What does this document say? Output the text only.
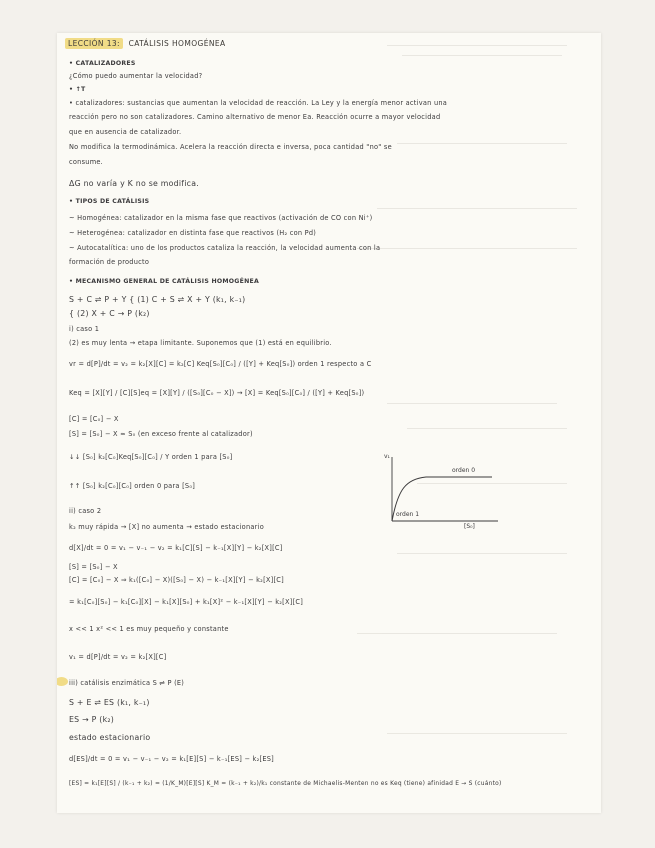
LECCIÓN 13: CATÁLISIS HOMOGÉNEA
• CATALIZADORES
¿Cómo puedo aumentar la velocidad?
• ↑T
• catalizadores: sustancias que aumentan la velocidad de reacción. La Ley y la energía menor activan una
reacción pero no son catalizadores. Camino alternativo de menor Ea. Reacción ocurre a mayor velocidad
que en ausencia de catalizador.
No modifica la termodinámica. Acelera la reacción directa e inversa, poca cantidad "no" se
consume.
ΔG no varía y K no se modifica.
• TIPOS DE CATÁLISIS
~ Homogénea: catalizador en la misma fase que reactivos (activación de CO con Ni⁺)
~ Heterogénea: catalizador en distinta fase que reactivos (H₂ con Pd)
~ Autocatalítica: uno de los productos cataliza la reacción, la velocidad aumenta con la
formación de producto
• MECANISMO GENERAL DE CATÁLISIS HOMOGÉNEA
S + C ⇌ P + Y { (1) C + S ⇌ X + Y (k₁, k₋₁)
{ (2) X + C → P (k₂)
i) caso 1
(2) es muy lenta → etapa limitante. Suponemos que (1) está en equilibrio.
vr = d[P]/dt = v₂ = k₂[X][C] = k₂[C] Keq[S₀][C₀] / ([Y] + Keq[S₀]) orden 1 respecto a C
Keq = [X][Y] / [C][S]eq = [X][Y] / ([S₀][C₀ − X]) → [X] = Keq[S₀][C₀] / ([Y] + Keq[S₀])
[C] = [C₀] − X
[S] = [S₀] − X ≈ S₀ (en exceso frente al catalizador)
↓↓ [S₀] k₂[C₀]Keq[S₀][C₀] / Y orden 1 para [S₀]
↑↑ [S₀] k₂[C₀][C₀] orden 0 para [S₀]
ii) caso 2
k₂ muy rápida → [X] no aumenta → estado estacionario
d[X]/dt = 0 = v₁ − v₋₁ − v₂ = k₁[C][S] − k₋₁[X][Y] − k₂[X][C]
[S] = [S₀] − X
[C] = [C₀] − X ⇒ k₁([C₀] − X)([S₀] − X) − k₋₁[X][Y] − k₂[X][C]
= k₁[C₀][S₀] − k₁[C₀][X] − k₁[X][S₀] + k₁[X]² − k₋₁[X][Y] − k₂[X][C]
x << 1 x² << 1 es muy pequeño y constante
v₁ = d[P]/dt = v₂ = k₂[X][C]
iii) catálisis enzimática S ⇌ P (E)
S + E ⇌ ES (k₁, k₋₁)
ES → P (k₂)
estado estacionario
d[ES]/dt = 0 = v₁ − v₋₁ − v₂ = k₁[E][S] − k₋₁[ES] − k₂[ES]
[ES] = k₁[E][S] / (k₋₁ + k₂) = (1/K_M)[E][S] K_M = (k₋₁ + k₂)/k₁ constante de Michaelis-Menten no es Keq (tiene) afinidad E → S (cuánto)
v₁
[S₀]
orden 0
orden 1
